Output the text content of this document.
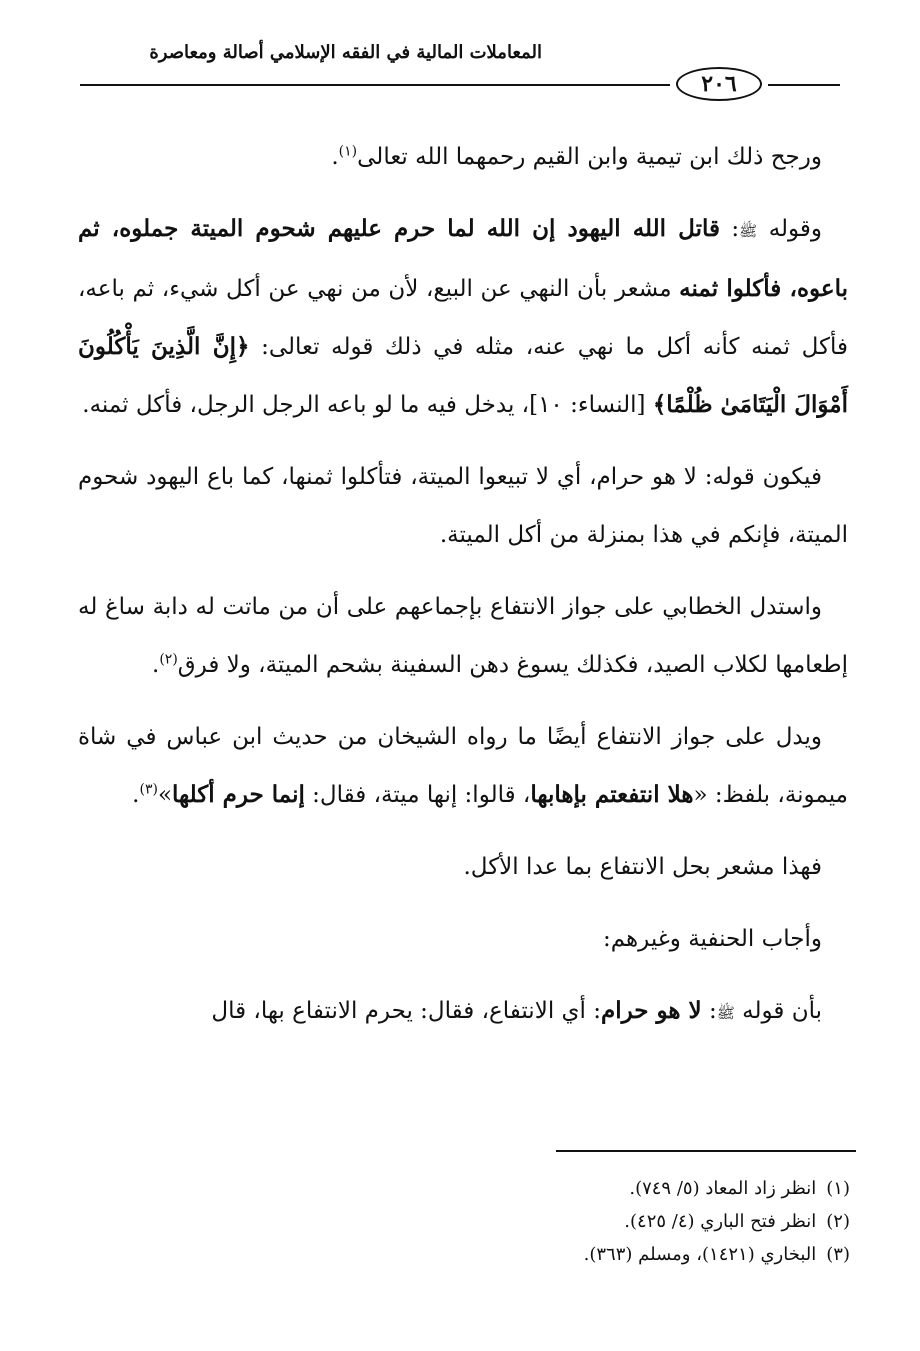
المعاملات المالية في الفقه الإسلامي أصالة ومعاصرة
٢٠٦

ورجح ذلك ابن تيمية وابن القيم رحمهما الله تعالى$^{(١)}$.

وقوله ﷺ: قاتل الله اليهود إن الله لما حرم عليهم شحوم الميتة جملوه، ثم باعوه، فأكلوا ثمنه مشعر بأن النهي عن البيع، لأن من نهي عن أكل شيء، ثم باعه، فأكل ثمنه كأنه أكل ما نهي عنه، مثله في ذلك قوله تعالى: ﴿إِنَّ الَّذِينَ يَأْكُلُونَ أَمْوَالَ الْيَتَامَىٰ ظُلْمًا﴾ [النساء: ١٠]، يدخل فيه ما لو باعه الرجل الرجل، فأكل ثمنه.

فيكون قوله: لا هو حرام، أي لا تبيعوا الميتة، فتأكلوا ثمنها، كما باع اليهود شحوم الميتة، فإنكم في هذا بمنزلة من أكل الميتة.

واستدل الخطابي على جواز الانتفاع بإجماعهم على أن من ماتت له دابة ساغ له إطعامها لكلاب الصيد، فكذلك يسوغ دهن السفينة بشحم الميتة، ولا فرق$^{(٢)}$.

ويدل على جواز الانتفاع أيضًا ما رواه الشيخان من حديث ابن عباس في شاة ميمونة، بلفظ: «هلا انتفعتم بإهابها، قالوا: إنها ميتة، فقال: إنما حرم أكلها»$^{(٣)}$.

فهذا مشعر بحل الانتفاع بما عدا الأكل.

وأجاب الحنفية وغيرهم:

بأن قوله ﷺ: لا هو حرام: أي الانتفاع، فقال: يحرم الانتفاع بها، قال

(١)انظر زاد المعاد (٥/ ٧٤٩).
(٢)انظر فتح الباري (٤/ ٤٢٥).
(٣)البخاري (١٤٢١)، ومسلم (٣٦٣).
